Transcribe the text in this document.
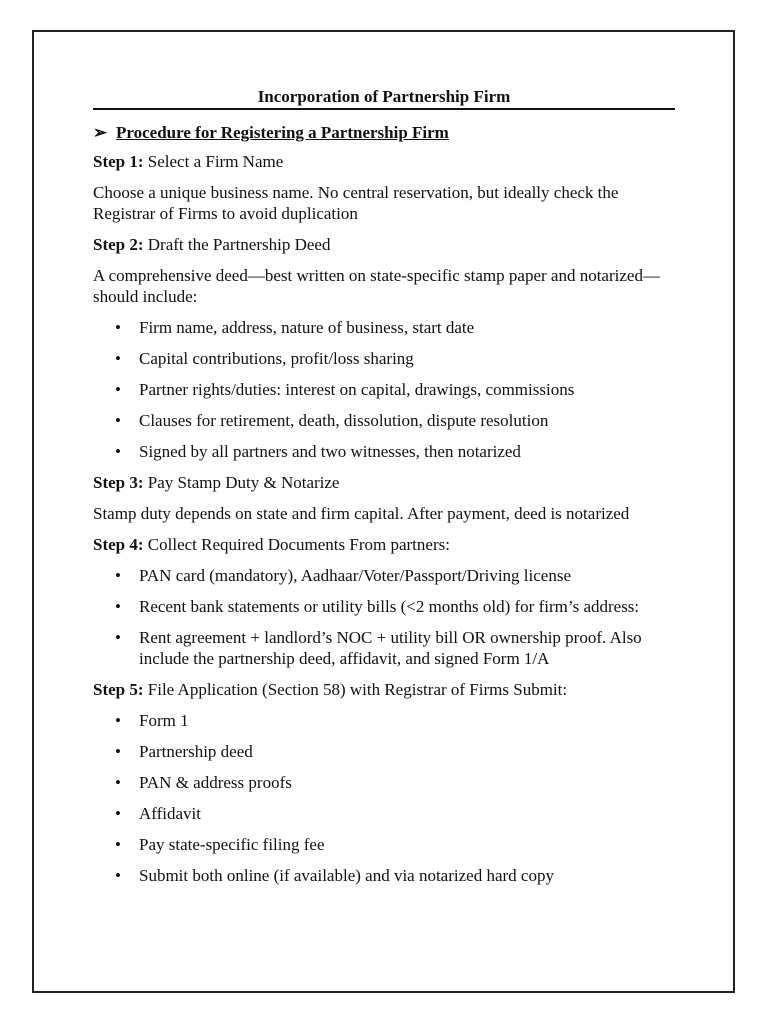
Incorporation of Partnership Firm
➢ Procedure for Registering a Partnership Firm
Step 1: Select a Firm Name

Choose a unique business name. No central reservation, but ideally check the Registrar of Firms to avoid duplication

Step 2: Draft the Partnership Deed

A comprehensive deed—best written on state-specific stamp paper and notarized—should include:

• Firm name, address, nature of business, start date
• Capital contributions, profit/loss sharing
• Partner rights/duties: interest on capital, drawings, commissions
• Clauses for retirement, death, dissolution, dispute resolution
• Signed by all partners and two witnesses, then notarized
Step 3: Pay Stamp Duty & Notarize

Stamp duty depends on state and firm capital. After payment, deed is notarized

Step 4: Collect Required Documents From partners:
• PAN card (mandatory), Aadhaar/Voter/Passport/Driving license
• Recent bank statements or utility bills (<2 months old) for firm’s address:
• Rent agreement + landlord’s NOC + utility bill OR ownership proof. Also include the partnership deed, affidavit, and signed Form 1/A
Step 5: File Application (Section 58) with Registrar of Firms Submit:
• Form 1
• Partnership deed
• PAN & address proofs
• Affidavit
• Pay state-specific filing fee
• Submit both online (if available) and via notarized hard copy
